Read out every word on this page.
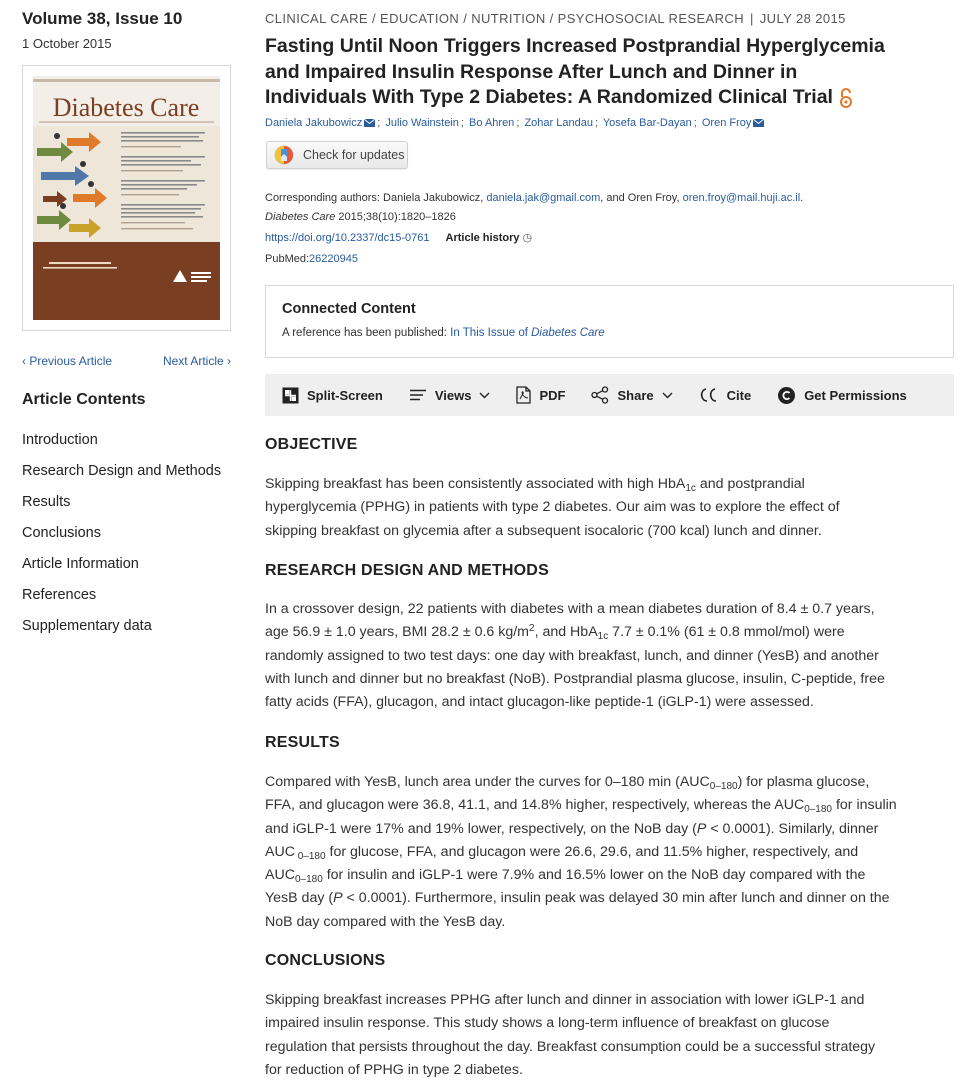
Volume 38, Issue 10
1 October 2015
Diabetes Care
‹ Previous Article	Next Article ›
Article Contents
Introduction
Research Design and Methods
Results
Conclusions
Article Information
References
Supplementary data
CLINICAL CARE / EDUCATION / NUTRITION / PSYCHOSOCIAL RESEARCH | JULY 28 2015
Fasting Until Noon Triggers Increased Postprandial Hyperglycemia
and Impaired Insulin Response After Lunch and Dinner in
Individuals With Type 2 Diabetes: A Randomized Clinical Trial
Daniela Jakubowicz ; Julio Wainstein ; Bo Ahren ; Zohar Landau ; Yosefa Bar-Dayan ; Oren Froy
Check for updates
Corresponding authors: Daniela Jakubowicz, daniela.jak@gmail.com, and Oren Froy, oren.froy@mail.huji.ac.il.
Diabetes Care 2015;38(10):1820–1826
https://doi.org/10.2337/dc15-0761 Article history ◷
PubMed:26220945
Connected Content

A reference has been published: In This Issue of Diabetes Care

Split-Screen	Views	PDF	Share	Cite	Get Permissions
OBJECTIVE
Skipping breakfast has been consistently associated with high HbA$_{1c}$ and postprandial
hyperglycemia (PPHG) in patients with type 2 diabetes. Our aim was to explore the effect of
skipping breakfast on glycemia after a subsequent isocaloric (700 kcal) lunch and dinner.
RESEARCH DESIGN AND METHODS
In a crossover design, 22 patients with diabetes with a mean diabetes duration of 8.4 ± 0.7 years,
age 56.9 ± 1.0 years, BMI 28.2 ± 0.6 $kg/m^2$, and HbA$_{1c}$ 7.7 ± 0.1% (61 ± 0.8 mmol/mol) were
randomly assigned to two test days: one day with breakfast, lunch, and dinner (YesB) and another
with lunch and dinner but no breakfast (NoB). Postprandial plasma glucose, insulin, C-peptide, free
fatty acids (FFA), glucagon, and intact glucagon-like peptide-1 (iGLP-1) were assessed.
RESULTS
Compared with YesB, lunch area under the curves for 0–180 $\min (AUC_{0-180})$ for plasma glucose,
FFA, and glucagon were 36.8, 41.1, and 14.8% higher, respectively, whereas the $AUC_{0-180}$ for insulin
and iGLP-1 were 17% and 19% lower, respectively, on the NoB day (P < 0.0001). Similarly, dinner
AUC $_{0-180}$ for glucose, FFA, and glucagon were 26.6, 29.6, and 11.5% higher, respectively, and
$AUC_{0-180}$ for insulin and iGLP-1 were 7.9% and 16.5% lower on the NoB day compared with the
YesB day (P < 0.0001). Furthermore, insulin peak was delayed 30 min after lunch and dinner on the
NoB day compared with the YesB day.
CONCLUSIONS
Skipping breakfast increases PPHG after lunch and dinner in association with lower iGLP-1 and
impaired insulin response. This study shows a long-term influence of breakfast on glucose
regulation that persists throughout the day. Breakfast consumption could be a successful strategy
for reduction of PPHG in type 2 diabetes.
